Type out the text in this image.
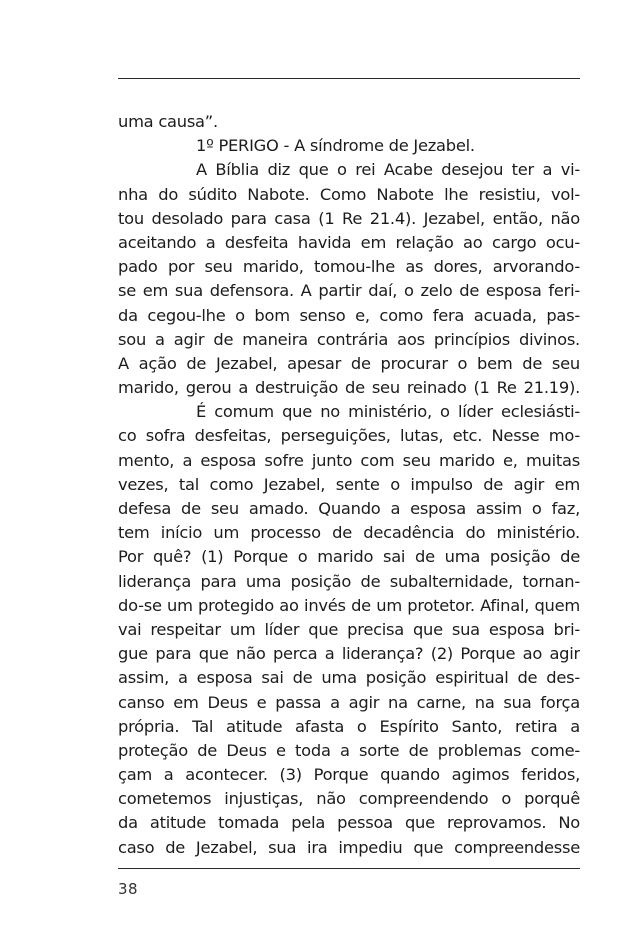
uma causa”.
1º PERIGO - A síndrome de Jezabel.
A Bíblia diz que o rei Acabe desejou ter a vi-
nha do súdito Nabote. Como Nabote lhe resistiu, vol-
tou desolado para casa (1 Re 21.4). Jezabel, então, não
aceitando a desfeita havida em relação ao cargo ocu-
pado por seu marido, tomou-lhe as dores, arvorando-
se em sua defensora. A partir daí, o zelo de esposa feri-
da cegou-lhe o bom senso e, como fera acuada, pas-
sou a agir de maneira contrária aos princípios divinos.
A ação de Jezabel, apesar de procurar o bem de seu
marido, gerou a destruição de seu reinado (1 Re 21.19).
É comum que no ministério, o líder eclesiásti-
co sofra desfeitas, perseguições, lutas, etc. Nesse mo-
mento, a esposa sofre junto com seu marido e, muitas
vezes, tal como Jezabel, sente o impulso de agir em
defesa de seu amado. Quando a esposa assim o faz,
tem início um processo de decadência do ministério.
Por quê? (1) Porque o marido sai de uma posição de
liderança para uma posição de subalternidade, tornan-
do-se um protegido ao invés de um protetor. Afinal, quem
vai respeitar um líder que precisa que sua esposa bri-
gue para que não perca a liderança? (2) Porque ao agir
assim, a esposa sai de uma posição espiritual de des-
canso em Deus e passa a agir na carne, na sua força
própria. Tal atitude afasta o Espírito Santo, retira a
proteção de Deus e toda a sorte de problemas come-
çam a acontecer. (3) Porque quando agimos feridos,
cometemos injustiças, não compreendendo o porquê
da atitude tomada pela pessoa que reprovamos. No
caso de Jezabel, sua ira impediu que compreendesse
38
